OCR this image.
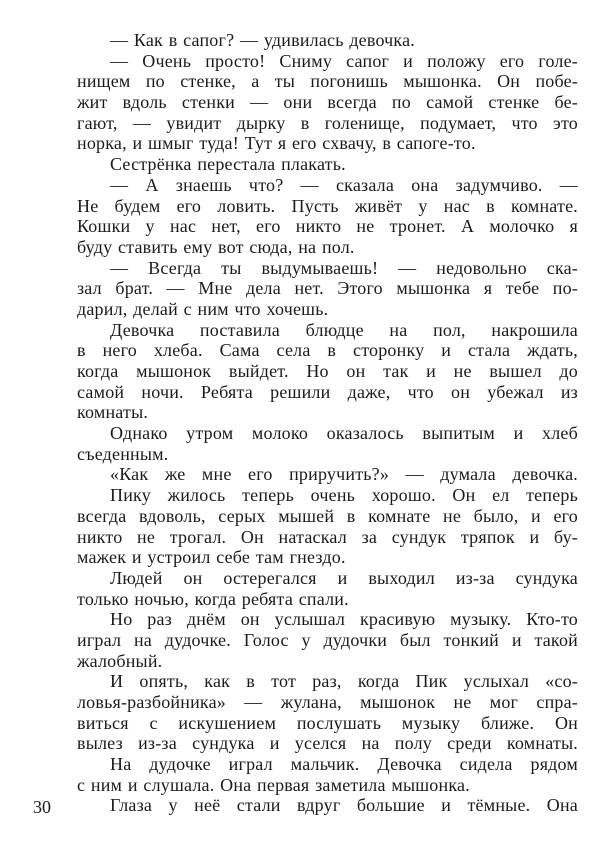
— Как в сапог? — удивилась девочка.
— Очень просто! Сниму сапог и положу его голе-
нищем по стенке, а ты погонишь мышонка. Он побе-
жит вдоль стенки — они всегда по самой стенке бе-
гают, — увидит дырку в голенище, подумает, что это
норка, и шмыг туда! Тут я его схвачу, в сапоге-то.
Сестрёнка перестала плакать.
— А знаешь что? — сказала она задумчиво. —
Не будем его ловить. Пусть живёт у нас в комнате.
Кошки у нас нет, его никто не тронет. А молочко я
буду ставить ему вот сюда, на пол.
— Всегда ты выдумываешь! — недовольно ска-
зал брат. — Мне дела нет. Этого мышонка я тебе по-
дарил, делай с ним что хочешь.
Девочка поставила блюдце на пол, накрошила
в него хлеба. Сама села в сторонку и стала ждать,
когда мышонок выйдет. Но он так и не вышел до
самой ночи. Ребята решили даже, что он убежал из
комнаты.
Однако утром молоко оказалось выпитым и хлеб
съеденным.
«Как же мне его приручить?» — думала девочка.
Пику жилось теперь очень хорошо. Он ел теперь
всегда вдоволь, серых мышей в комнате не было, и его
никто не трогал. Он натаскал за сундук тряпок и бу-
мажек и устроил себе там гнездо.
Людей он остерегался и выходил из-за сундука
только ночью, когда ребята спали.
Но раз днём он услышал красивую музыку. Кто-то
играл на дудочке. Голос у дудочки был тонкий и такой
жалобный.
И опять, как в тот раз, когда Пик услыхал «со-
ловья-разбойника» — жулана, мышонок не мог спра-
виться с искушением послушать музыку ближе. Он
вылез из-за сундука и уселся на полу среди комнаты.
На дудочке играл мальчик. Девочка сидела рядом
с ним и слушала. Она первая заметила мышонка.
Глаза у неё стали вдруг большие и тёмные. Она
30
